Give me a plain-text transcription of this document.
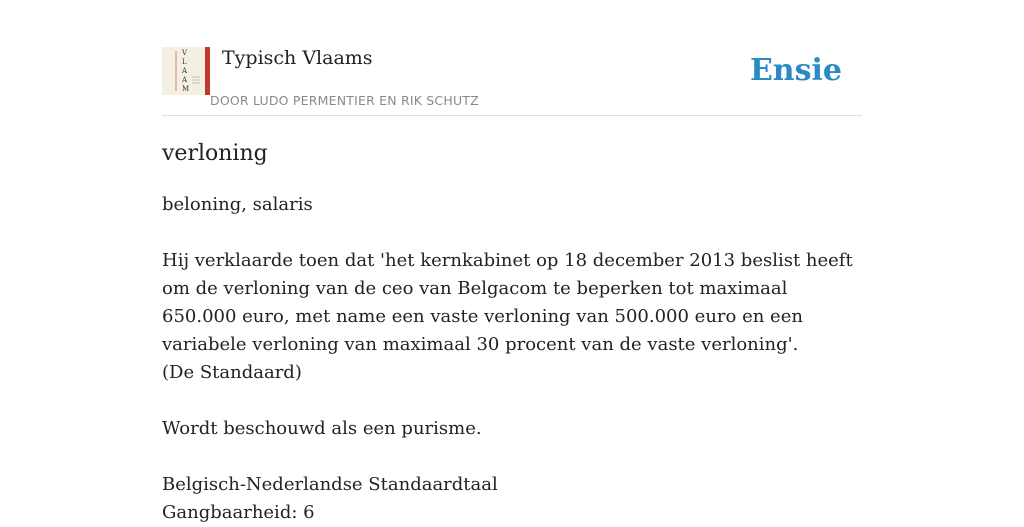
V
L
A
A
M
Typisch Vlaams
DOOR LUDO PERMENTIER EN RIK SCHUTZ
Ensie
verloning

beloning, salaris

Hij verklaarde toen dat 'het kernkabinet op 18 december 2013 beslist heeft om de verloning van de ceo van Belgacom te beperken tot maximaal 650.000 euro, met name een vaste verloning van 500.000 euro en een variabele verloning van maximaal 30 procent van de vaste verloning'.

(De Standaard)

Wordt beschouwd als een purisme.

Belgisch-Nederlandse Standaardtaal

Gangbaarheid: 6
